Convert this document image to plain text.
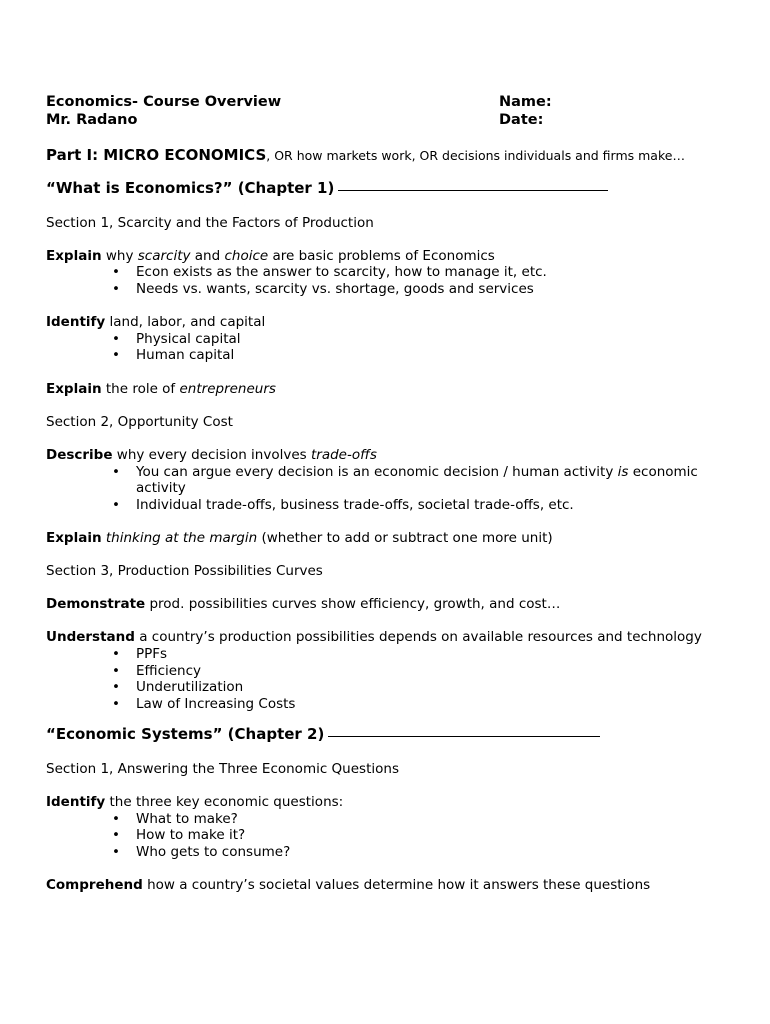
Economics- Course Overview	Name:
Mr. Radano	Date:
Part I: MICRO ECONOMICS, OR how markets work, OR decisions individuals and firms make…
“What is Economics?” (Chapter 1)
Section 1, Scarcity and the Factors of Production
Explain why scarcity and choice are basic problems of Economics
• Econ exists as the answer to scarcity, how to manage it, etc.
• Needs vs. wants, scarcity vs. shortage, goods and services
Identify land, labor, and capital
• Physical capital
• Human capital
Explain the role of entrepreneurs
Section 2, Opportunity Cost
Describe why every decision involves trade-offs
• You can argue every decision is an economic decision / human activity is economic activity
• Individual trade-offs, business trade-offs, societal trade-offs, etc.
Explain thinking at the margin (whether to add or subtract one more unit)
Section 3, Production Possibilities Curves
Demonstrate prod. possibilities curves show efficiency, growth, and cost…
Understand a country’s production possibilities depends on available resources and technology
• PPFs
• Efficiency
• Underutilization
• Law of Increasing Costs
“Economic Systems” (Chapter 2)
Section 1, Answering the Three Economic Questions
Identify the three key economic questions:
• What to make?
• How to make it?
• Who gets to consume?
Comprehend how a country’s societal values determine how it answers these questions
